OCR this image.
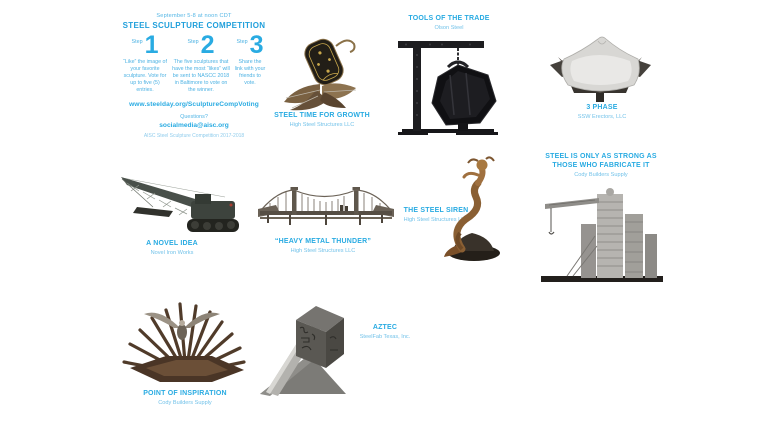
September 5-8 at noon CDT
STEEL SCULPTURE COMPETITION
Step 1
“Like” the image of your favorite sculpture. Vote for up to five (5) entries.
Step 2
The five sculptures that have the most “likes” will be sent to NASCC 2018 in Baltimore to vote on the winner.
Step 3
Share the link with your friends to vote.
www.steelday.org/SculptureCompVoting
Questions?
socialmedia@aisc.org
AISC Steel Sculpture Competition 2017-2018
STEEL TIME FOR GROWTH
High Steel Structures LLC
TOOLS OF THE TRADE
Olson Steel
3 PHASE
SSW Erectors, LLC
A NOVEL IDEA
Novel Iron Works
“HEAVY METAL THUNDER”
High Steel Structures LLC
THE STEEL SIREN
High Steel Structures LLC
STEEL IS ONLY AS STRONG AS THOSE WHO FABRICATE IT
Cody Builders Supply
POINT OF INSPIRATION
Cody Builders Supply
AZTEC
SteelFab Texas, Inc.
